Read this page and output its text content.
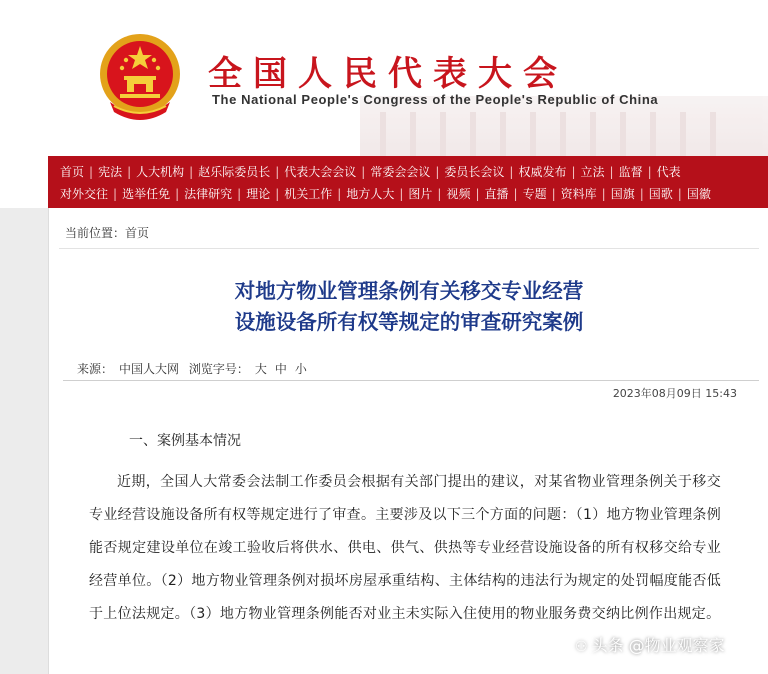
全国人民代表大会
The National People's Congress of the People's Republic of China
首页 | 宪法 | 人大机构 | 赵乐际委员长 | 代表大会会议 | 常委会会议 | 委员长会议 | 权威发布 | 立法 | 监督 | 代表
对外交往 | 选举任免 | 法律研究 | 理论 | 机关工作 | 地方人大 | 图片 | 视频 | 直播 | 专题 | 资料库 | 国旗 | 国歌 | 国徽
当前位置：首页
对地方物业管理条例有关移交专业经营
设施设备所有权等规定的审查研究案例
来源： 中国人大网 浏览字号： 大 中 小
2023年08月09日 15:43
一、案例基本情况
近期，全国人大常委会法制工作委员会根据有关部门提出的建议，对某省物业管理条例关于移交专业经营设施设备所有权等规定进行了审查。主要涉及以下三个方面的问题：（1）地方物业管理条例能否规定建设单位在竣工验收后将供水、供电、供气、供热等专业经营设施设备的所有权移交给专业经营单位。（2）地方物业管理条例对损坏房屋承重结构、主体结构的违法行为规定的处罚幅度能否低于上位法规定。（3）地方物业管理条例能否对业主未实际入住使用的物业服务费交纳比例作出规定。
⚇ 头条 @物业观察家
